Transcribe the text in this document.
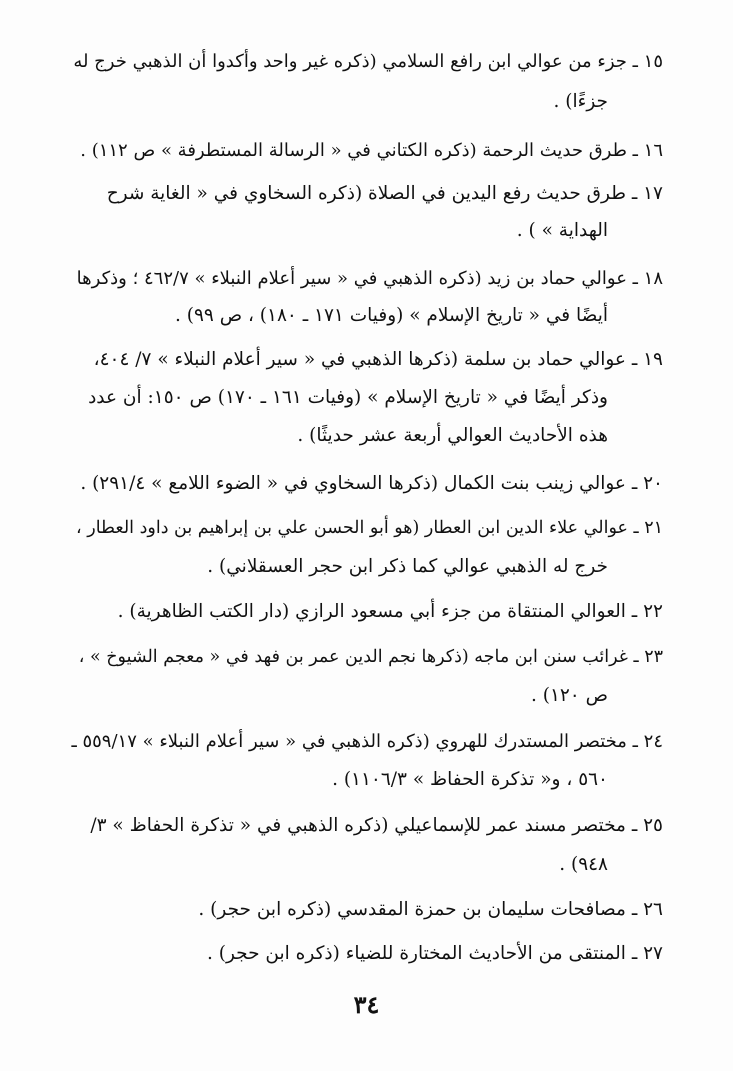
١٥ ـ جزء من عوالي ابن رافع السلامي (ذكره غير واحد وأكدوا أن الذهبي خرج له
جزءًا) .
١٦ ـ طرق حديث الرحمة (ذكره الكتاني في « الرسالة المستطرفة » ص ١١٢) .
١٧ ـ طرق حديث رفع اليدين في الصلاة (ذكره السخاوي في « الغاية شرح
الهداية » ) .
١٨ ـ عوالي حماد بن زيد (ذكره الذهبي في « سير أعلام النبلاء » ٤٦٢/٧ ؛ وذكرها
أيضًا في « تاريخ الإسلام » (وفيات ١٧١ ـ ١٨٠) ، ص ٩٩) .
١٩ ـ عوالي حماد بن سلمة (ذكرها الذهبي في « سير أعلام النبلاء » ٧/ ٤٠٤،
وذكر أيضًا في « تاريخ الإسلام » (وفيات ١٦١ ـ ١٧٠) ص ١٥٠: أن عدد
هذه الأحاديث العوالي أربعة عشر حديثًا) .
٢٠ ـ عوالي زينب بنت الكمال (ذكرها السخاوي في « الضوء اللامع » ٢٩١/٤) .
٢١ ـ عوالي علاء الدين ابن العطار (هو أبو الحسن علي بن إبراهيم بن داود العطار ،
خرج له الذهبي عوالي كما ذكر ابن حجر العسقلاني) .
٢٢ ـ العوالي المنتقاة من جزء أبي مسعود الرازي (دار الكتب الظاهرية) .
٢٣ ـ غرائب سنن ابن ماجه (ذكرها نجم الدين عمر بن فهد في « معجم الشيوخ » ،
ص ١٢٠) .
٢٤ ـ مختصر المستدرك للهروي (ذكره الذهبي في « سير أعلام النبلاء » ٥٥٩/١٧ ـ
٥٦٠ ، و« تذكرة الحفاظ » ١١٠٦/٣) .
٢٥ ـ مختصر مسند عمر للإسماعيلي (ذكره الذهبي في « تذكرة الحفاظ » ٣/
٩٤٨) .
٢٦ ـ مصافحات سليمان بن حمزة المقدسي (ذكره ابن حجر) .
٢٧ ـ المنتقى من الأحاديث المختارة للضياء (ذكره ابن حجر) .
٣٤
